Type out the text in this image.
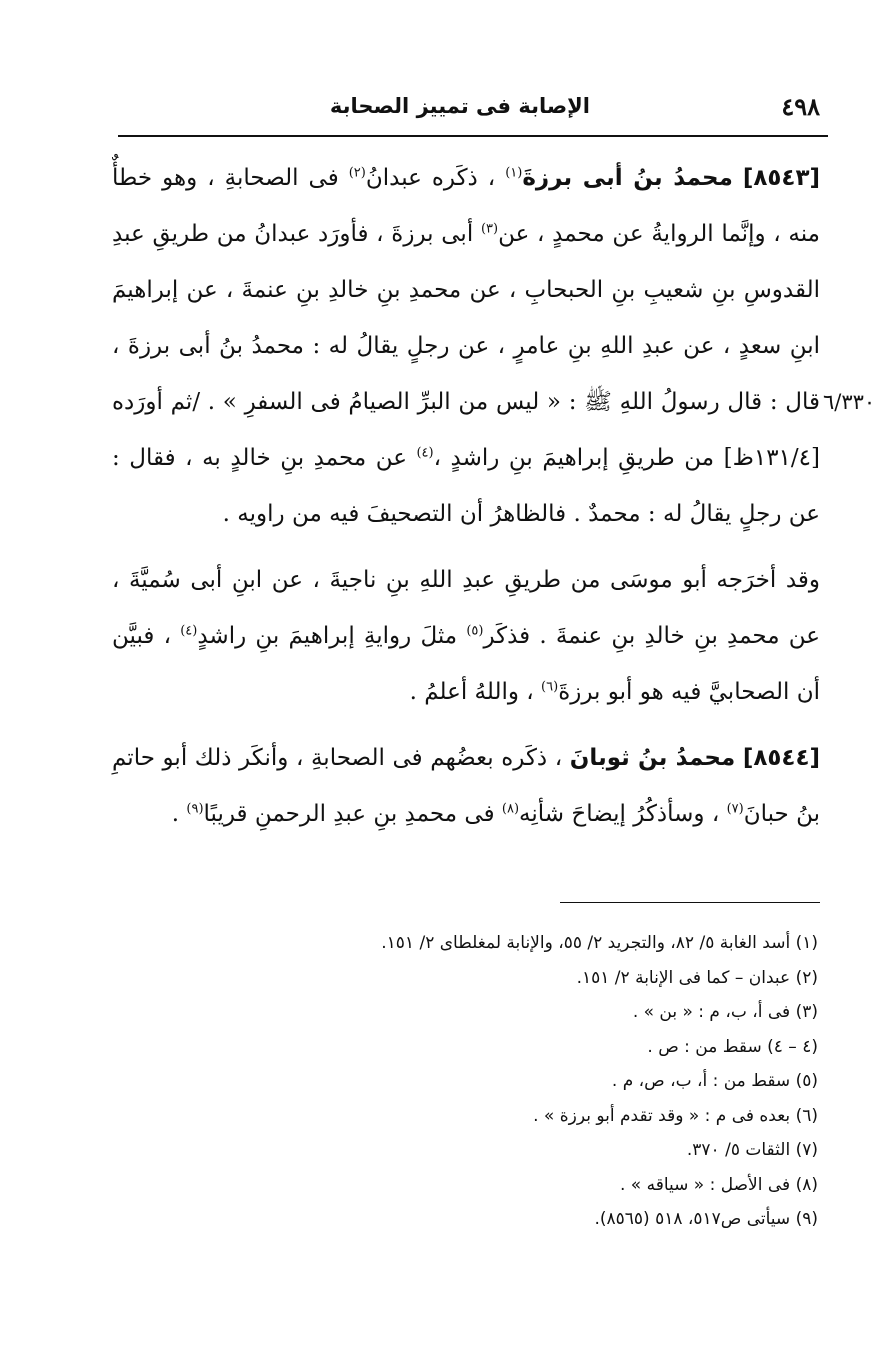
٤٩٨
الإصابة فى تمييز الصحابة
٦/٣٣٠

[٨٥٤٣] محمدُ بنُ أبى برزةَ$^{(١)}$ ، ذكَره عبدانُ$^{(٢)}$ فى الصحابةِ ، وهو خطأٌ منه ، وإنَّما الروايةُ عن محمدٍ ، عن$^{(٣)}$ أبى برزةَ ، فأورَد عبدانُ من طريقِ عبدِ القدوسِ بنِ شعيبِ بنِ الحبحابِ ، عن محمدِ بنِ خالدِ بنِ عنمةَ ، عن إبراهيمَ ابنِ سعدٍ ، عن عبدِ اللهِ بنِ عامرٍ ، عن رجلٍ يقالُ له : محمدُ بنُ أبى برزةَ ، قال : قال رسولُ اللهِ ﷺ : « ليس من البرِّ الصيامُ فى السفرِ » . /ثم أورَده [١٣١/٤ظ] من طريقِ إبراهيمَ بنِ راشدٍ ،$^{(٤)}$ عن محمدِ بنِ خالدٍ به ، فقال : عن رجلٍ يقالُ له : محمدٌ . فالظاهرُ أن التصحيفَ فيه من راويه .

وقد أخرَجه أبو موسَى من طريقِ عبدِ اللهِ بنِ ناجيةَ ، عن ابنِ أبى سُميَّةَ ، عن محمدِ بنِ خالدِ بنِ عنمةَ . فذكَر$^{(٥)}$ مثلَ روايةِ إبراهيمَ بنِ راشدٍ$^{(٤)}$ ، فبيَّن أن الصحابيَّ فيه هو أبو برزةَ$^{(٦)}$ ، واللهُ أعلمُ .

[٨٥٤٤] محمدُ بنُ ثوبانَ ، ذكَره بعضُهم فى الصحابةِ ، وأنكَر ذلك أبو حاتمِ بنُ حبانَ$^{(٧)}$ ، وسأذكُرُ إيضاحَ شأنِه$^{(٨)}$ فى محمدِ بنِ عبدِ الرحمنِ قريبًا$^{(٩)}$ .

(١) أسد الغابة ٥/ ٨٢، والتجريد ٢/ ٥٥، والإنابة لمغلطاى ٢/ ١٥١.
(٢) عبدان – كما فى الإنابة ٢/ ١٥١.
(٣) فى أ، ب، م : « بن » .
(٤ – ٤) سقط من : ص .
(٥) سقط من : أ، ب، ص، م .
(٦) بعده فى م : « وقد تقدم أبو برزة » .
(٧) الثقات ٥/ ٣٧٠.
(٨) فى الأصل : « سياقه » .
(٩) سيأتى ص٥١٧، ٥١٨ (٨٥٦٥).
